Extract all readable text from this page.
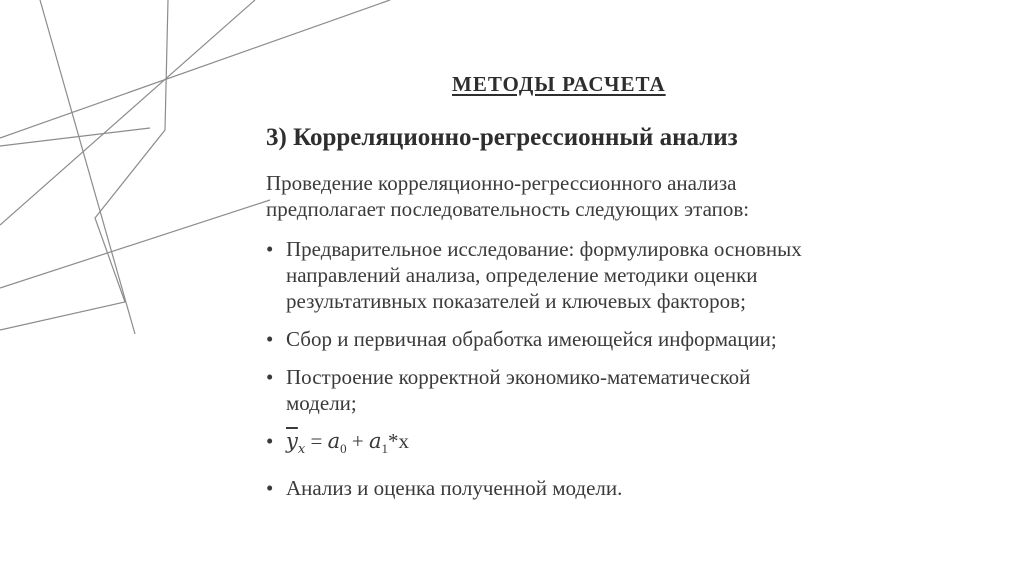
МЕТОДЫ РАСЧЕТА
3) Корреляционно-регрессионный анализ
Проведение корреляционно-регрессионного анализа
предполагает последовательность следующих этапов:
• Предварительное исследование: формулировка основных
направлений анализа, определение методики оценки
результативных показателей и ключевых факторов;
• Сбор и первичная обработка имеющейся информации;
• Построение корректной экономико-математической
модели;
• $\overline{y}_x = a_0 + a_1*x$
• Анализ и оценка полученной модели.
